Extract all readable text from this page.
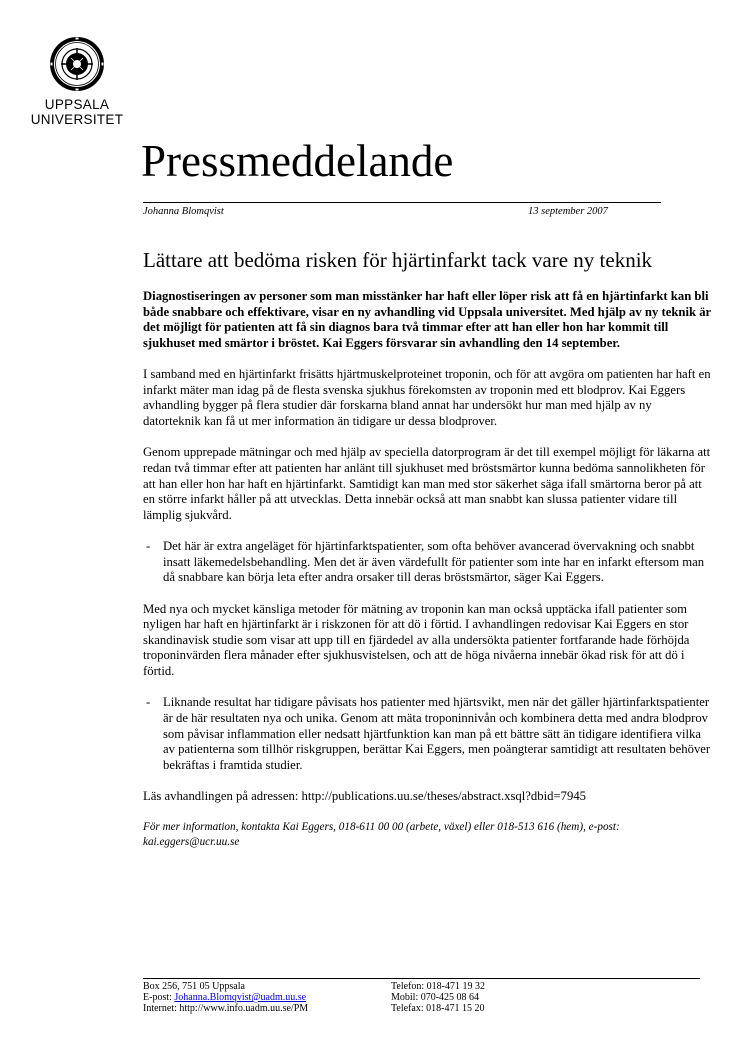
UPPSALA
UNIVERSITET
Pressmeddelande
Johanna Blomqvist	13 september 2007
Lättare att bedöma risken för hjärtinfarkt tack vare ny teknik

Diagnostiseringen av personer som man misstänker har haft eller löper risk att få en hjärtinfarkt kan bli både snabbare och effektivare, visar en ny avhandling vid Uppsala universitet. Med hjälp av ny teknik är det möjligt för patienten att få sin diagnos bara två timmar efter att han eller hon har kommit till sjukhuset med smärtor i bröstet. Kai Eggers försvarar sin avhandling den 14 september.

I samband med en hjärtinfarkt frisätts hjärtmuskelproteinet troponin, och för att avgöra om patienten har haft en infarkt mäter man idag på de flesta svenska sjukhus förekomsten av troponin med ett blodprov. Kai Eggers avhandling bygger på flera studier där forskarna bland annat har undersökt hur man med hjälp av ny datorteknik kan få ut mer information än tidigare ur dessa blodprover.

Genom upprepade mätningar och med hjälp av speciella datorprogram är det till exempel möjligt för läkarna att redan två timmar efter att patienten har anlänt till sjukhuset med bröstsmärtor kunna bedöma sannolikheten för att han eller hon har haft en hjärtinfarkt. Samtidigt kan man med stor säkerhet säga ifall smärtorna beror på att en större infarkt håller på att utvecklas. Detta innebär också att man snabbt kan slussa patienter vidare till lämplig sjukvård.

- Det här är extra angeläget för hjärtinfarktspatienter, som ofta behöver avancerad övervakning och snabbt insatt läkemedelsbehandling. Men det är även värdefullt för patienter som inte har en infarkt eftersom man då snabbare kan börja leta efter andra orsaker till deras bröstsmärtor, säger Kai Eggers.

Med nya och mycket känsliga metoder för mätning av troponin kan man också upptäcka ifall patienter som nyligen har haft en hjärtinfarkt är i riskzonen för att dö i förtid. I avhandlingen redovisar Kai Eggers en stor skandinavisk studie som visar att upp till en fjärdedel av alla undersökta patienter fortfarande hade förhöjda troponinvärden flera månader efter sjukhusvistelsen, och att de höga nivåerna innebär ökad risk för att dö i förtid.

- Liknande resultat har tidigare påvisats hos patienter med hjärtsvikt, men när det gäller hjärtinfarktspatienter är de här resultaten nya och unika. Genom att mäta troponinnivån och kombinera detta med andra blodprov som påvisar inflammation eller nedsatt hjärtfunktion kan man på ett bättre sätt än tidigare identifiera vilka av patienterna som tillhör riskgruppen, berättar Kai Eggers, men poängterar samtidigt att resultaten behöver bekräftas i framtida studier.

Läs avhandlingen på adressen: http://publications.uu.se/theses/abstract.xsql?dbid=7945

För mer information, kontakta Kai Eggers, 018-611 00 00 (arbete, växel) eller 018-513 616 (hem), e-post: kai.eggers@ucr.uu.se

Box 256, 751 05 Uppsala
E-post: Johanna.Blomqvist@uadm.uu.se
Internet: http://www.info.uadm.uu.se/PM
Telefon: 018-471 19 32
Mobil: 070-425 08 64
Telefax: 018-471 15 20
